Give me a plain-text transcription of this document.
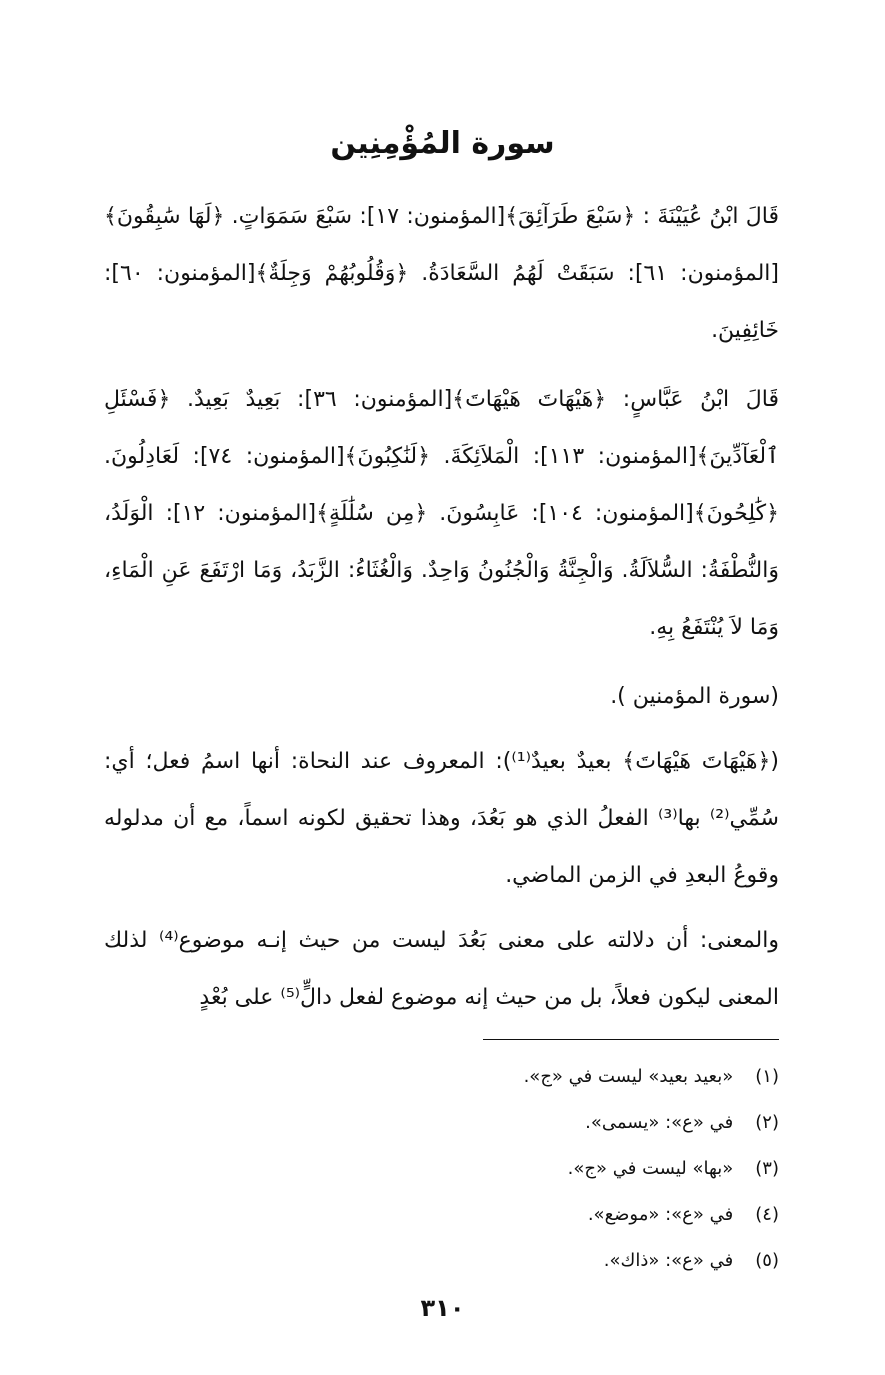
سورة المُؤْمِنِين

قَالَ ابْنُ عُيَيْنَةَ : ﴿سَبْعَ طَرَآئِقَ﴾[المؤمنون: ١٧]: سَبْعَ سَمَوَاتٍ. ﴿لَهَا سَٰبِقُونَ﴾[المؤمنون: ٦١]: سَبَقَتْ لَهُمُ السَّعَادَةُ. ﴿وَقُلُوبُهُمْ وَجِلَةٌ﴾[المؤمنون: ٦٠]: خَائِفِينَ.

قَالَ ابْنُ عَبَّاسٍ: ﴿هَيْهَاتَ هَيْهَاتَ﴾[المؤمنون: ٣٦]: بَعِيدٌ بَعِيدٌ. ﴿فَسْئَلِ ٱلْعَآدِّينَ﴾[المؤمنون: ١١٣]: الْمَلاَئِكَةَ. ﴿لَنَٰكِبُونَ﴾[المؤمنون: ٧٤]: لَعَادِلُونَ. ﴿كَٰلِحُونَ﴾[المؤمنون: ١٠٤]: عَابِسُونَ. ﴿مِن سُلَٰلَةٍ﴾[المؤمنون: ١٢]: الْوَلَدُ، وَالنُّطْفَةُ: السُّلاَلَةُ. وَالْجِنَّةُ وَالْجُنُونُ وَاحِدٌ. وَالْغُثَاءُ: الزَّبَدُ، وَمَا ارْتَفَعَ عَنِ الْمَاءِ، وَمَا لاَ يُنْتَفَعُ بِهِ.

(سورة المؤمنين ).

(﴿هَيْهَاتَ هَيْهَاتَ﴾ بعيدٌ بعيدٌ⁽¹⁾): المعروف عند النحاة: أنها اسمُ فعل؛ أي: سُمِّي⁽²⁾ بها⁽³⁾ الفعلُ الذي هو بَعُدَ، وهذا تحقيق لكونه اسماً، مع أن مدلوله وقوعُ البعدِ في الزمن الماضي.

والمعنى: أن دلالته على معنى بَعُدَ ليست من حيث إنـه موضوع⁽⁴⁾ لذلك المعنى ليكون فعلاً، بل من حيث إنه موضوع لفعل دالٍّ⁽⁵⁾ على بُعْدٍ

(١) «بعيد بعيد» ليست في «ج».
(٢) في «ع»: «يسمى».
(٣) «بها» ليست في «ج».
(٤) في «ع»: «موضع».
(٥) في «ع»: «ذاك».
٣١٠
